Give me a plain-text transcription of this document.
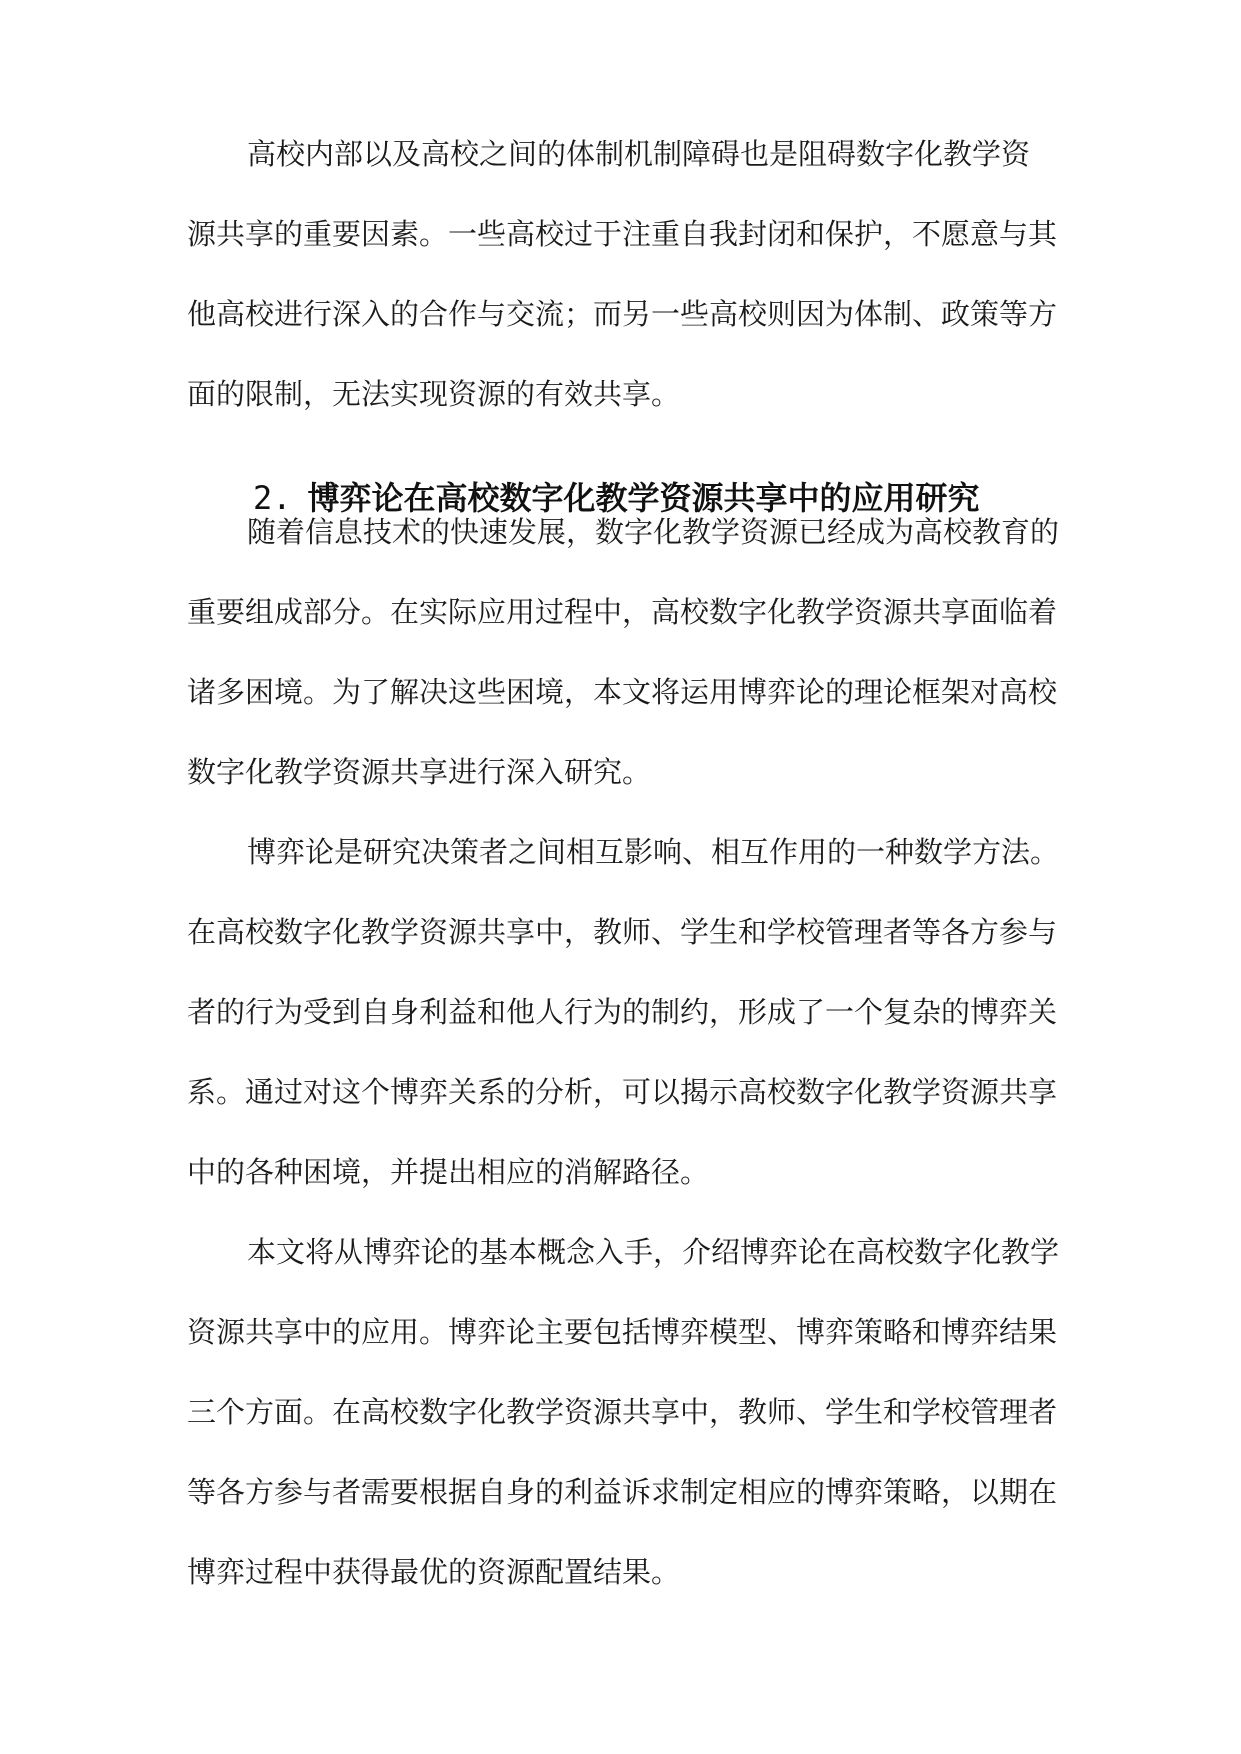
高校内部以及高校之间的体制机制障碍也是阻碍数字化教学资
源共享的重要因素。一些高校过于注重自我封闭和保护，不愿意与其
他高校进行深入的合作与交流；而另一些高校则因为体制、政策等方
面的限制，无法实现资源的有效共享。
2. 博弈论在高校数字化教学资源共享中的应用研究
随着信息技术的快速发展，数字化教学资源已经成为高校教育的
重要组成部分。在实际应用过程中，高校数字化教学资源共享面临着
诸多困境。为了解决这些困境，本文将运用博弈论的理论框架对高校
数字化教学资源共享进行深入研究。
博弈论是研究决策者之间相互影响、相互作用的一种数学方法。
在高校数字化教学资源共享中，教师、学生和学校管理者等各方参与
者的行为受到自身利益和他人行为的制约，形成了一个复杂的博弈关
系。通过对这个博弈关系的分析，可以揭示高校数字化教学资源共享
中的各种困境，并提出相应的消解路径。
本文将从博弈论的基本概念入手，介绍博弈论在高校数字化教学
资源共享中的应用。博弈论主要包括博弈模型、博弈策略和博弈结果
三个方面。在高校数字化教学资源共享中，教师、学生和学校管理者
等各方参与者需要根据自身的利益诉求制定相应的博弈策略，以期在
博弈过程中获得最优的资源配置结果。
